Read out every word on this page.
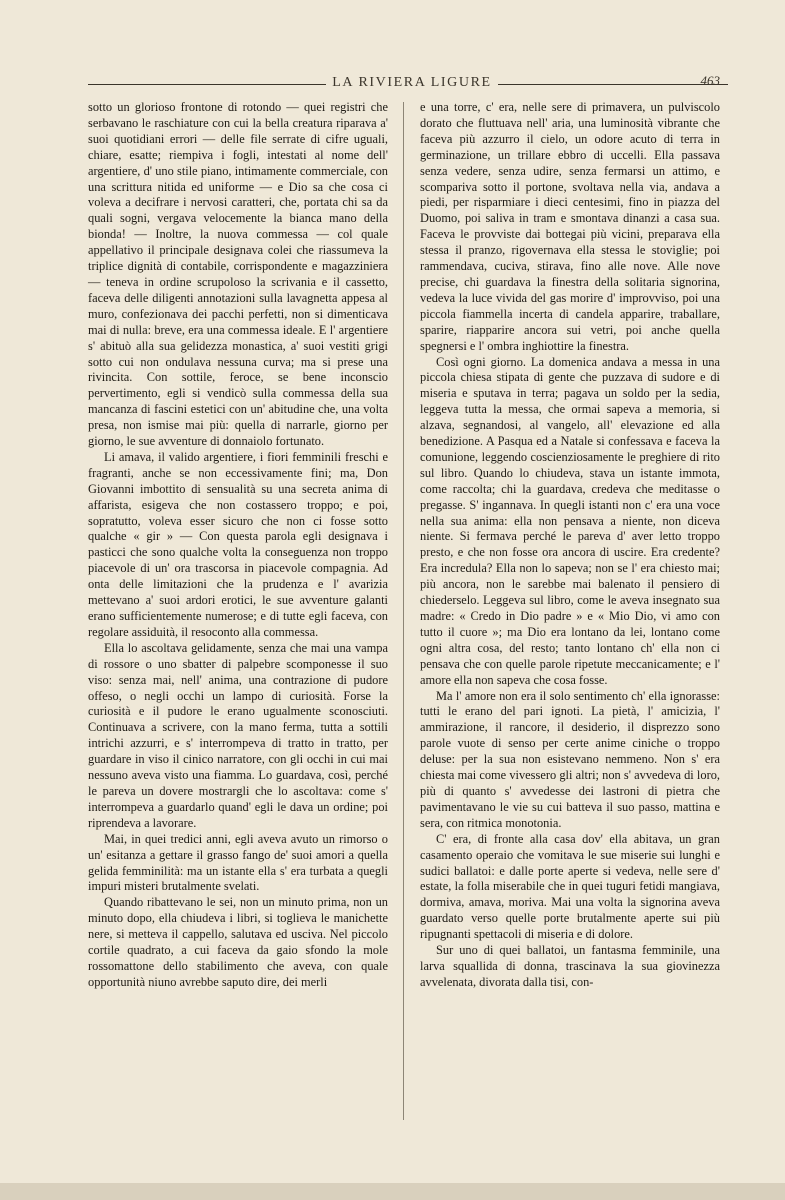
LA RIVIERA LIGURE	463

sotto un glorioso frontone di rotondo — quei registri che serbavano le raschiature con cui la bella creatura riparava a' suoi quotidiani errori — delle file serrate di cifre uguali, chiare, esatte; riempiva i fogli, intestati al nome dell' argentiere, d' uno stile piano, intimamente commerciale, con una scrittura nitida ed uniforme — e Dio sa che cosa ci voleva a decifrare i nervosi caratteri, che, portata chi sa da quali sogni, vergava velocemente la bianca mano della bionda! — Inoltre, la nuova commessa — col quale appellativo il principale designava colei che riassumeva la triplice dignità di contabile, corrispondente e magazziniera — teneva in ordine scrupoloso la scrivania e il cassetto, faceva delle diligenti annotazioni sulla lavagnetta appesa al muro, confezionava dei pacchi perfetti, non si dimenticava mai di nulla: breve, era una commessa ideale. E l' argentiere s' abituò alla sua gelidezza monastica, a' suoi vestiti grigi sotto cui non ondulava nessuna curva; ma si prese una rivincita. Con sottile, feroce, se bene inconscio pervertimento, egli si vendicò sulla commessa della sua mancanza di fascini estetici con un' abitudine che, una volta presa, non ismise mai più: quella di narrarle, giorno per giorno, le sue avventure di donnaiolo fortunato.

Li amava, il valido argentiere, i fiori femminili freschi e fragranti, anche se non eccessivamente fini; ma, Don Giovanni imbottito di sensualità su una secreta anima di affarista, esigeva che non costassero troppo; e poi, sopratutto, voleva esser sicuro che non ci fosse sotto qualche « gir » — Con questa parola egli designava i pasticci che sono qualche volta la conseguenza non troppo piacevole di un' ora trascorsa in piacevole compagnia. Ad onta delle limitazioni che la prudenza e l' avarizia mettevano a' suoi ardori erotici, le sue avventure galanti erano sufficientemente numerose; e di tutte egli faceva, con regolare assiduità, il resoconto alla commessa.

Ella lo ascoltava gelidamente, senza che mai una vampa di rossore o uno sbatter di palpebre scomponesse il suo viso: senza mai, nell' anima, una contrazione di pudore offeso, o negli occhi un lampo di curiosità. Forse la curiosità e il pudore le erano ugualmente sconosciuti. Continuava a scrivere, con la mano ferma, tutta a sottili intrichi azzurri, e s' interrompeva di tratto in tratto, per guardare in viso il cinico narratore, con gli occhi in cui mai nessuno aveva visto una fiamma. Lo guardava, così, perché le pareva un dovere mostrargli che lo ascoltava: come s' interrompeva a guardarlo quand' egli le dava un ordine; poi riprendeva a lavorare.

Mai, in quei tredici anni, egli aveva avuto un rimorso o un' esitanza a gettare il grasso fango de' suoi amori a quella gelida femminilità: ma un istante ella s' era turbata a quegli impuri misteri brutalmente svelati.

Quando ribattevano le sei, non un minuto prima, non un minuto dopo, ella chiudeva i libri, si toglieva le manichette nere, si metteva il cappello, salutava ed usciva. Nel piccolo cortile quadrato, a cui faceva da gaio sfondo la mole rossomattone dello stabilimento che aveva, con quale opportunità niuno avrebbe saputo dire, dei merli

e una torre, c' era, nelle sere di primavera, un pulviscolo dorato che fluttuava nell' aria, una luminosità vibrante che faceva più azzurro il cielo, un odore acuto di terra in germinazione, un trillare ebbro di uccelli. Ella passava senza vedere, senza udire, senza fermarsi un attimo, e scompariva sotto il portone, svoltava nella via, andava a piedi, per risparmiare i dieci centesimi, fino in piazza del Duomo, poi saliva in tram e smontava dinanzi a casa sua. Faceva le provviste dai bottegai più vicini, preparava ella stessa il pranzo, rigovernava ella stessa le stoviglie; poi rammendava, cuciva, stirava, fino alle nove. Alle nove precise, chi guardava la finestra della solitaria signorina, vedeva la luce vivida del gas morire d' improvviso, poi una piccola fiammella incerta di candela apparire, traballare, sparire, riapparire ancora sui vetri, poi anche quella spegnersi e l' ombra inghiottire la finestra.

Così ogni giorno. La domenica andava a messa in una piccola chiesa stipata di gente che puzzava di sudore e di miseria e sputava in terra; pagava un soldo per la sedia, leggeva tutta la messa, che ormai sapeva a memoria, si alzava, segnandosi, al vangelo, all' elevazione ed alla benedizione. A Pasqua ed a Natale si confessava e faceva la comunione, leggendo coscienziosamente le preghiere di rito sul libro. Quando lo chiudeva, stava un istante immota, come raccolta; chi la guardava, credeva che meditasse o pregasse. S' ingannava. In quegli istanti non c' era una voce nella sua anima: ella non pensava a niente, non diceva niente. Si fermava perché le pareva d' aver letto troppo presto, e che non fosse ora ancora di uscire. Era credente? Era incredula? Ella non lo sapeva; non se l' era chiesto mai; più ancora, non le sarebbe mai balenato il pensiero di chiederselo. Leggeva sul libro, come le aveva insegnato sua madre: « Credo in Dio padre » e « Mio Dio, vi amo con tutto il cuore »; ma Dio era lontano da lei, lontano come ogni altra cosa, del resto; tanto lontano ch' ella non ci pensava che con quelle parole ripetute meccanicamente; e l' amore ella non sapeva che cosa fosse.

Ma l' amore non era il solo sentimento ch' ella ignorasse: tutti le erano del pari ignoti. La pietà, l' amicizia, l' ammirazione, il rancore, il desiderio, il disprezzo sono parole vuote di senso per certe anime ciniche o troppo deluse: per la sua non esistevano nemmeno. Non s' era chiesta mai come vivessero gli altri; non s' avvedeva di loro, più di quanto s' avvedesse dei lastroni di pietra che pavimentavano le vie su cui batteva il suo passo, mattina e sera, con ritmica monotonia.

C' era, di fronte alla casa dov' ella abitava, un gran casamento operaio che vomitava le sue miserie sui lunghi e sudici ballatoi: e dalle porte aperte si vedeva, nelle sere d' estate, la folla miserabile che in quei tuguri fetidi mangiava, dormiva, amava, moriva. Mai una volta la signorina aveva guardato verso quelle porte brutalmente aperte sui più ripugnanti spettacoli di miseria e di dolore.

Sur uno di quei ballatoi, un fantasma femminile, una larva squallida di donna, trascinava la sua giovinezza avvelenata, divorata dalla tisi, con-
